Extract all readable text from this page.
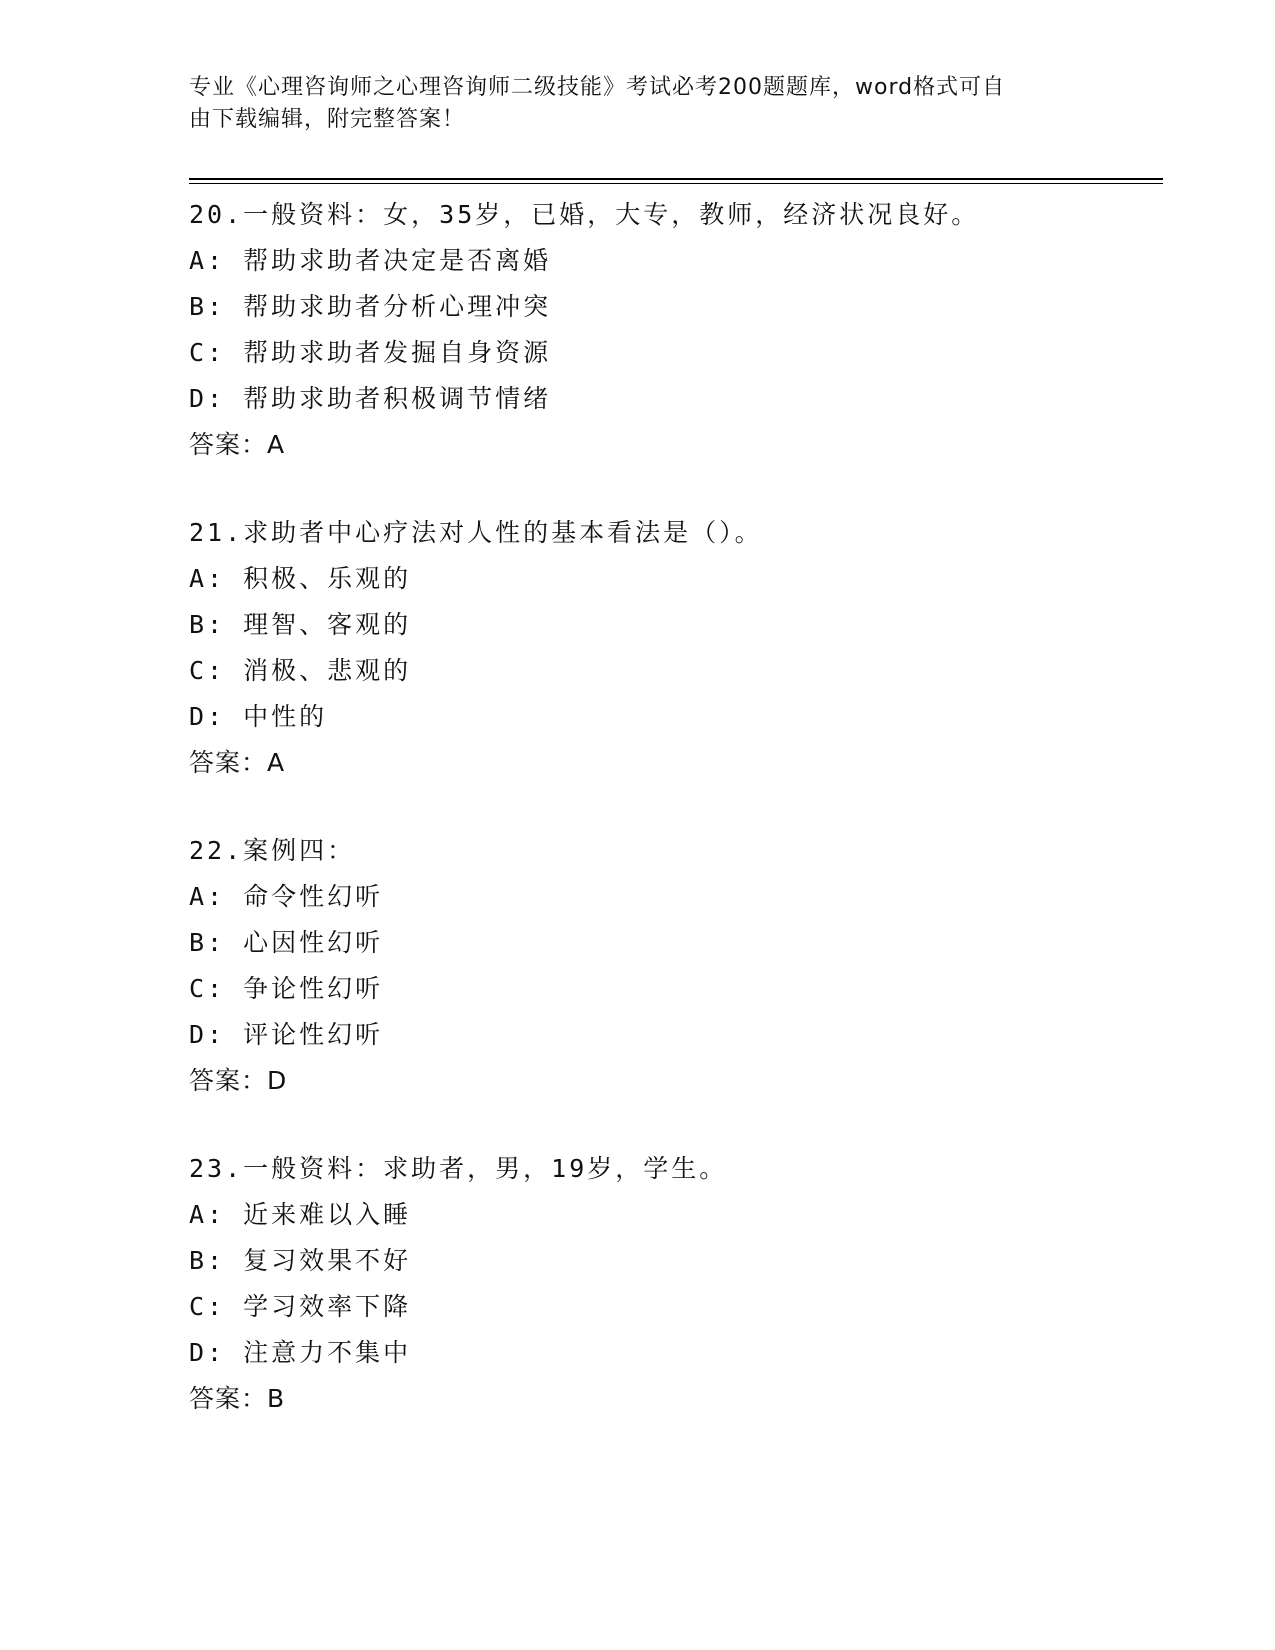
专业《心理咨询师之心理咨询师二级技能》考试必考200题题库，word格式可自
由下载编辑，附完整答案！
20.一般资料：女，35岁，已婚，大专，教师，经济状况良好。
A: 帮助求助者决定是否离婚
B: 帮助求助者分析心理冲突
C: 帮助求助者发掘自身资源
D: 帮助求助者积极调节情绪
答案：A
21.求助者中心疗法对人性的基本看法是（）。
A: 积极、乐观的
B: 理智、客观的
C: 消极、悲观的
D: 中性的
答案：A
22.案例四：
A: 命令性幻听
B: 心因性幻听
C: 争论性幻听
D: 评论性幻听
答案：D
23.一般资料：求助者，男，19岁，学生。
A: 近来难以入睡
B: 复习效果不好
C: 学习效率下降
D: 注意力不集中
答案：B
